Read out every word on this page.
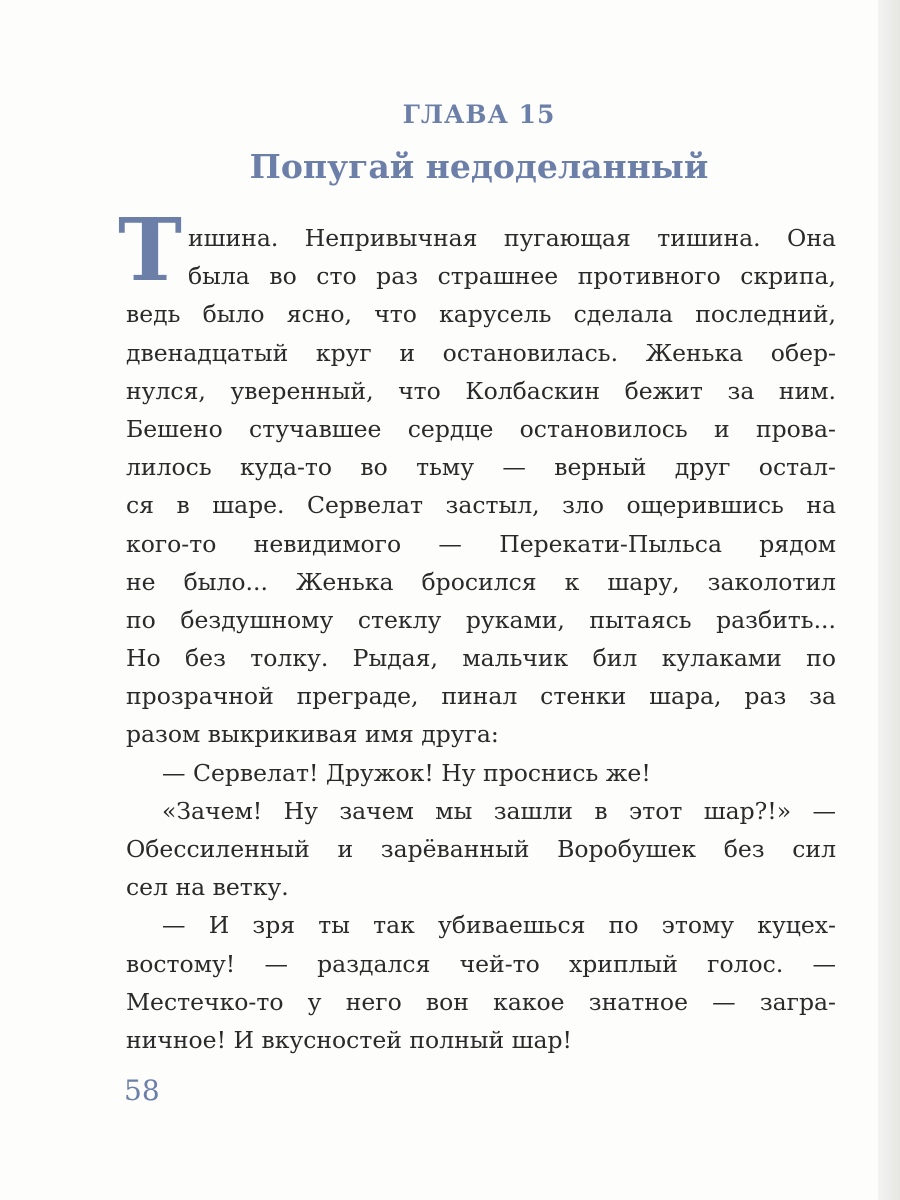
ГЛАВА 15
Попугай недоделанный
Т ишина. Непривычная пугающая тишина. Она
была во сто раз страшнее противного скрипа,
ведь было ясно, что карусель сделала последний,
двенадцатый круг и остановилась. Женька обер-
нулся, уверенный, что Колбаскин бежит за ним.
Бешено стучавшее сердце остановилось и прова-
лилось куда-то во тьму — верный друг остал-
ся в шаре. Сервелат застыл, зло ощерившись на
кого-то невидимого — Перекати-Пыльса рядом
не было... Женька бросился к шару, заколотил
по бездушному стеклу руками, пытаясь разбить...
Но без толку. Рыдая, мальчик бил кулаками по
прозрачной преграде, пинал стенки шара, раз за
разом выкрикивая имя друга:
— Сервелат! Дружок! Ну проснись же!
«Зачем! Ну зачем мы зашли в этот шар?!» —
Обессиленный и зарёванный Воробушек без сил
сел на ветку.
— И зря ты так убиваешься по этому куцех-
востому! — раздался чей-то хриплый голос. —
Местечко-то у него вон какое знатное — загра-
ничное! И вкусностей полный шар!
58
